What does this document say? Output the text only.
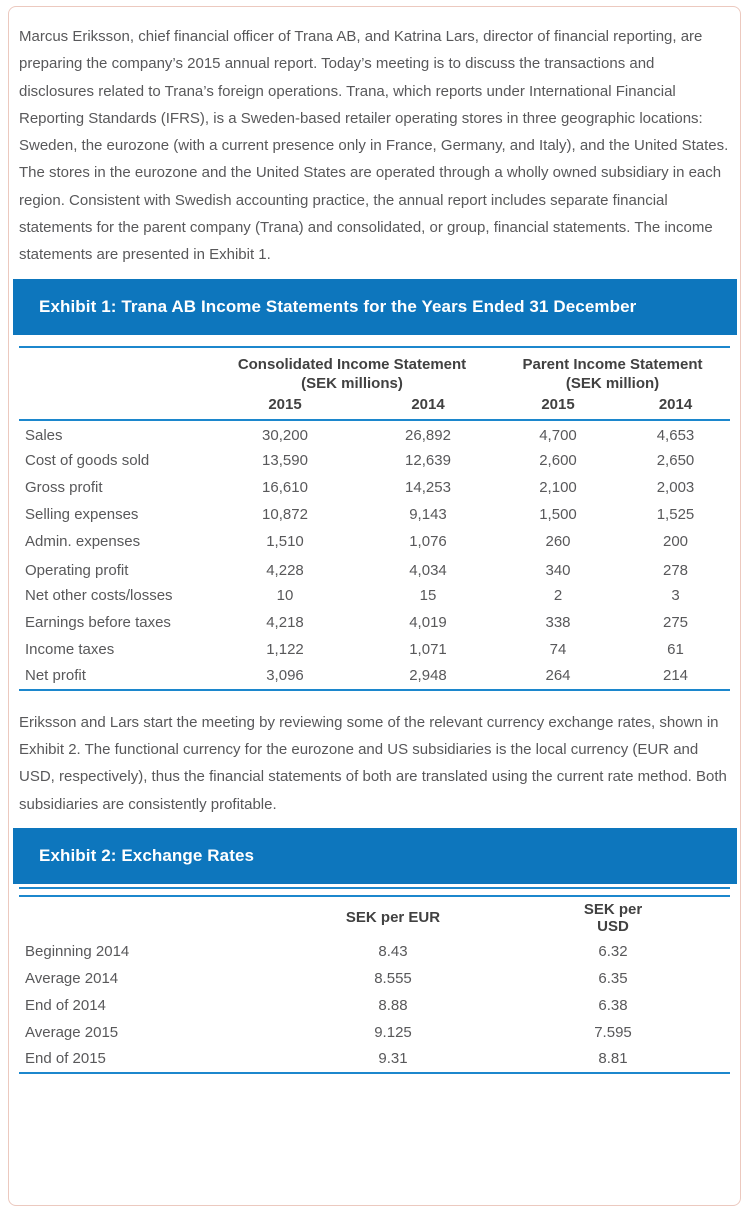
Marcus Eriksson, chief financial officer of Trana AB, and Katrina Lars, director of financial reporting, are preparing the company’s 2015 annual report. Today’s meeting is to discuss the transactions and disclosures related to Trana’s foreign operations. Trana, which reports under International Financial Reporting Standards (IFRS), is a Sweden-based retailer operating stores in three geographic locations: Sweden, the eurozone (with a current presence only in France, Germany, and Italy), and the United States. The stores in the eurozone and the United States are operated through a wholly owned subsidiary in each region. Consistent with Swedish accounting practice, the annual report includes separate financial statements for the parent company (Trana) and consolidated, or group, financial statements. The income statements are presented in Exhibit 1.

Exhibit 1: Trana AB Income Statements for the Years Ended 31 December
	Consolidated Income Statement
(SEK millions)		Parent Income Statement
(SEK million)	
	2015	2014	2015	2014
Sales	30,200	26,892	4,700	4,653
Cost of goods sold	13,590	12,639	2,600	2,650
Gross profit	16,610	14,253	2,100	2,003
Selling expenses	10,872	9,143	1,500	1,525
Admin. expenses	1,510	1,076	260	200
Operating profit	4,228	4,034	340	278
Net other costs/losses	10	15	2	3
Earnings before taxes	4,218	4,019	338	275
Income taxes	1,122	1,071	74	61
Net profit	3,096	2,948	264	214

Eriksson and Lars start the meeting by reviewing some of the relevant currency exchange rates, shown in Exhibit 2. The functional currency for the eurozone and US subsidiaries is the local currency (EUR and USD, respectively), thus the financial statements of both are translated using the current rate method. Both subsidiaries are consistently profitable.

Exhibit 2: Exchange Rates

	SEK per EUR	SEK per USD	
Beginning 2014	8.43	6.32	
Average 2014	8.555	6.35	
End of 2014	8.88	6.38	
Average 2015	9.125	7.595	
End of 2015	9.31	8.81	
